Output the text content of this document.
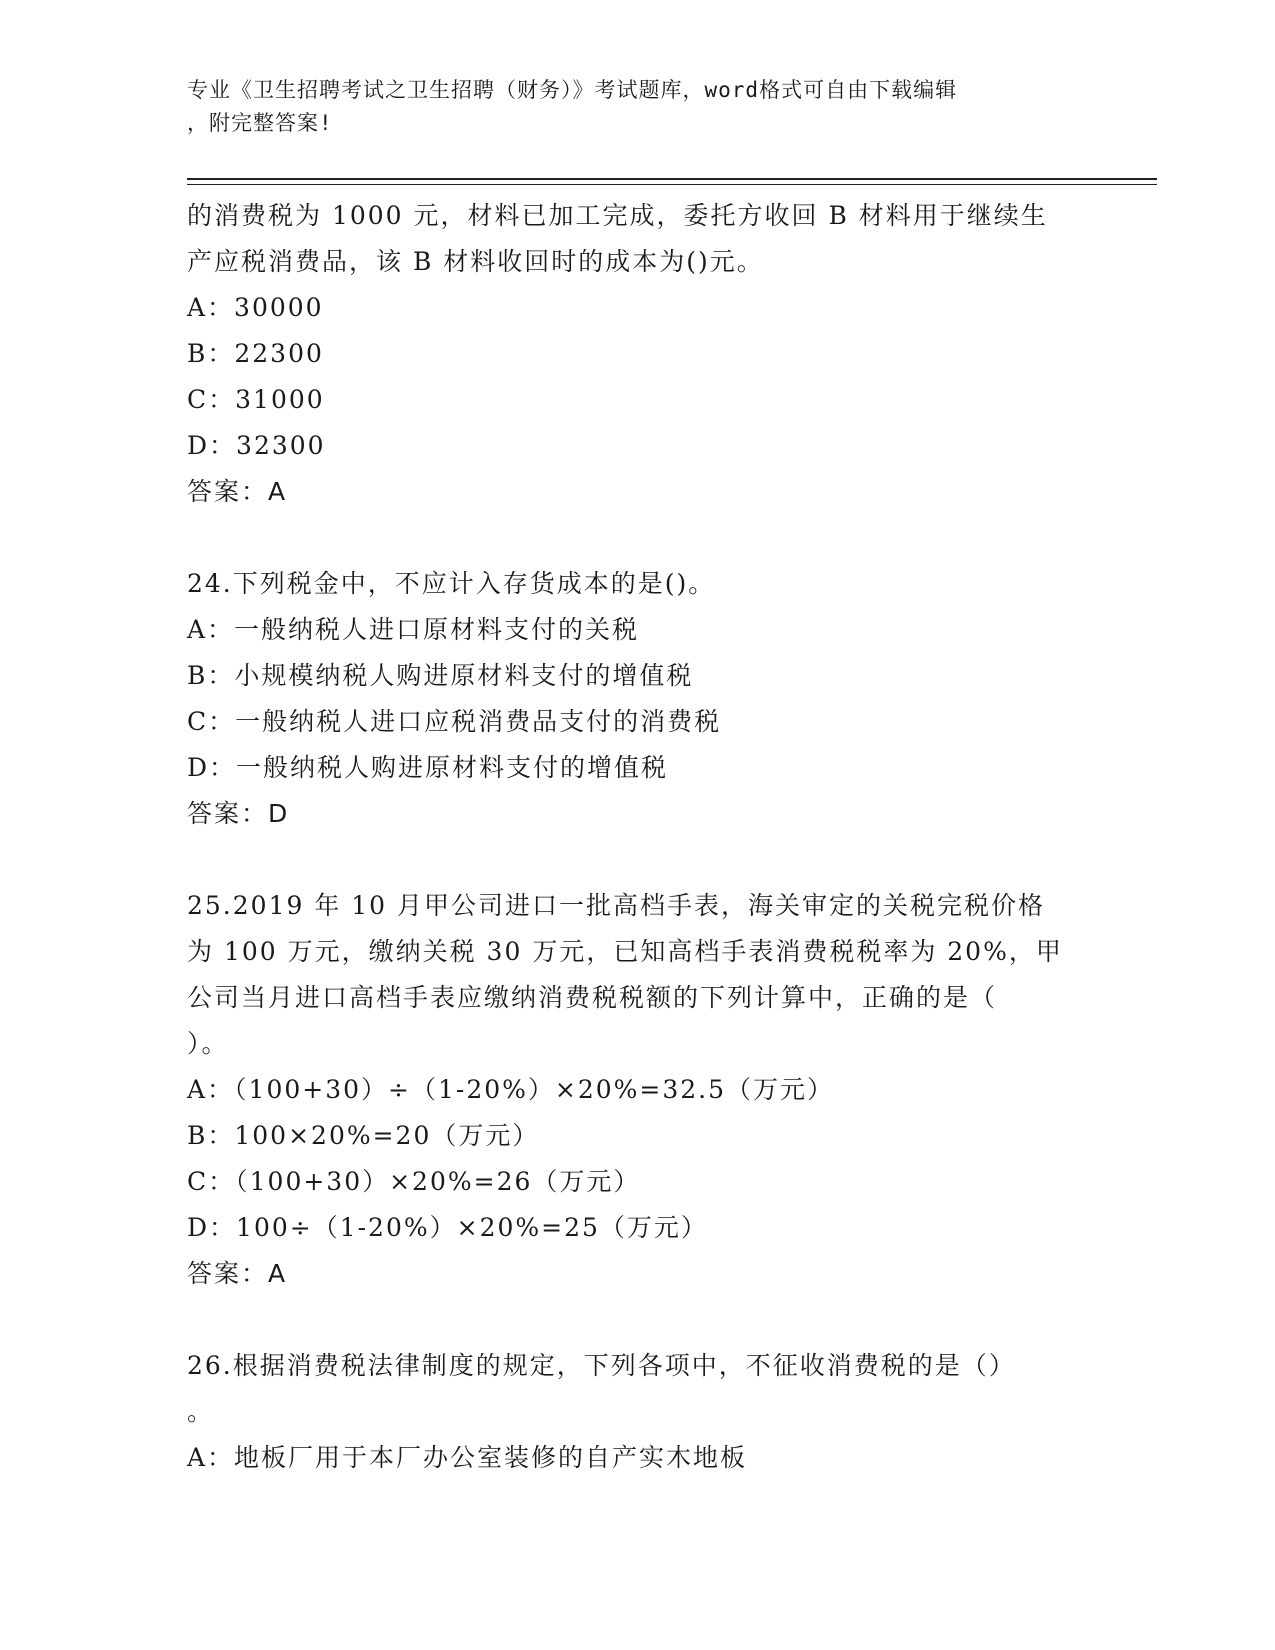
专业《卫生招聘考试之卫生招聘（财务）》考试题库，word格式可自由下载编辑
，附完整答案!
的消费税为 1000 元，材料已加工完成，委托方收回 B 材料用于继续生
产应税消费品，该 B 材料收回时的成本为()元。
A：30000
B：22300
C：31000
D：32300
答案：A
24.下列税金中，不应计入存货成本的是()。
A：一般纳税人进口原材料支付的关税
B：小规模纳税人购进原材料支付的增值税
C：一般纳税人进口应税消费品支付的消费税
D：一般纳税人购进原材料支付的增值税
答案：D
25.2019 年 10 月甲公司进口一批高档手表，海关审定的关税完税价格
为 100 万元，缴纳关税 30 万元，已知高档手表消费税税率为 20%，甲
公司当月进口高档手表应缴纳消费税税额的下列计算中，正确的是（
）。
A：（100+30）÷（1-20%）×20%=32.5（万元）
B：100×20%=20（万元）
C：（100+30）×20%=26（万元）
D：100÷（1-20%）×20%=25（万元）
答案：A
26.根据消费税法律制度的规定，下列各项中，不征收消费税的是（）
。
A：地板厂用于本厂办公室装修的自产实木地板
